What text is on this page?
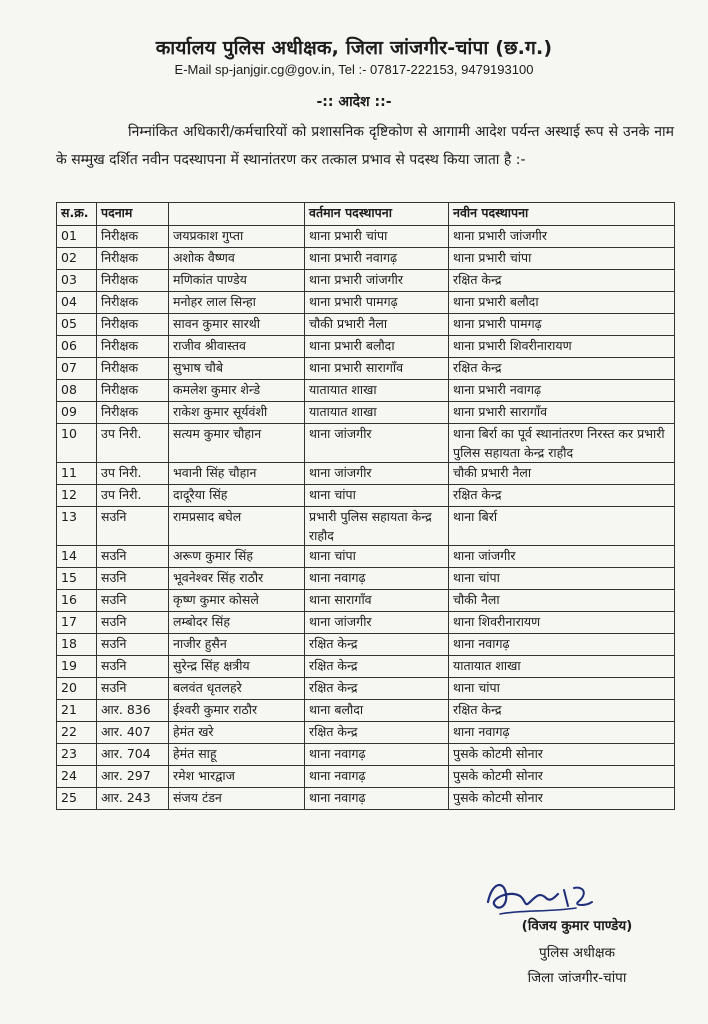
कार्यालय पुलिस अधीक्षक, जिला जांजगीर-चांपा (छ.ग.)
E-Mail sp-janjgir.cg@gov.in, Tel :- 07817-222153, 9479193100
-:: आदेश ::-
निम्नांकित अधिकारी/कर्मचारियों को प्रशासनिक दृष्टिकोण से आगामी आदेश पर्यन्त अस्थाई रूप से उनके नाम के सम्मुख दर्शित नवीन पदस्थापना में स्थानांतरण कर तत्काल प्रभाव से पदस्थ किया जाता है :-
स.क्र.	पदनाम		वर्तमान पदस्थापना	नवीन पदस्थापना
01	निरीक्षक	जयप्रकाश गुप्ता	थाना प्रभारी चांपा	थाना प्रभारी जांजगीर
02	निरीक्षक	अशोक वैष्णव	थाना प्रभारी नवागढ़	थाना प्रभारी चांपा
03	निरीक्षक	मणिकांत पाण्डेय	थाना प्रभारी जांजगीर	रक्षित केन्द्र
04	निरीक्षक	मनोहर लाल सिन्हा	थाना प्रभारी पामगढ़	थाना प्रभारी बलौदा
05	निरीक्षक	सावन कुमार सारथी	चौकी प्रभारी नैला	थाना प्रभारी पामगढ़
06	निरीक्षक	राजीव श्रीवास्तव	थाना प्रभारी बलौदा	थाना प्रभारी शिवरीनारायण
07	निरीक्षक	सुभाष चौबे	थाना प्रभारी सारागाँव	रक्षित केन्द्र
08	निरीक्षक	कमलेश कुमार शेन्डे	यातायात शाखा	थाना प्रभारी नवागढ़
09	निरीक्षक	राकेश कुमार सूर्यवंशी	यातायात शाखा	थाना प्रभारी सारागाँव
10	उप निरी.	सत्यम कुमार चौहान	थाना जांजगीर	थाना बिर्रा का पूर्व स्थानांतरण निरस्त कर प्रभारी पुलिस सहायता केन्द्र राहौद
11	उप निरी.	भवानी सिंह चौहान	थाना जांजगीर	चौकी प्रभारी नैला
12	उप निरी.	दादूरैया सिंह	थाना चांपा	रक्षित केन्द्र
13	सउनि	रामप्रसाद बघेल	प्रभारी पुलिस सहायता केन्द्र राहौद	थाना बिर्रा
14	सउनि	अरूण कुमार सिंह	थाना चांपा	थाना जांजगीर
15	सउनि	भूवनेश्वर सिंह राठौर	थाना नवागढ़	थाना चांपा
16	सउनि	कृष्ण कुमार कोसले	थाना सारागाँव	चौकी नैला
17	सउनि	लम्बोदर सिंह	थाना जांजगीर	थाना शिवरीनारायण
18	सउनि	नाजीर हुसैन	रक्षित केन्द्र	थाना नवागढ़
19	सउनि	सुरेन्द्र सिंह क्षत्रीय	रक्षित केन्द्र	यातायात शाखा
20	सउनि	बलवंत धृतलहरे	रक्षित केन्द्र	थाना चांपा
21	आर. 836	ईश्वरी कुमार राठौर	थाना बलौदा	रक्षित केन्द्र
22	आर. 407	हेमंत खरे	रक्षित केन्द्र	थाना नवागढ़
23	आर. 704	हेमंत साहू	थाना नवागढ़	पुसके कोटमी सोनार
24	आर. 297	रमेश भारद्वाज	थाना नवागढ़	पुसके कोटमी सोनार
25	आर. 243	संजय टंडन	थाना नवागढ़	पुसके कोटमी सोनार
(विजय कुमार पाण्डेय)
पुलिस अधीक्षक
जिला जांजगीर-चांपा
